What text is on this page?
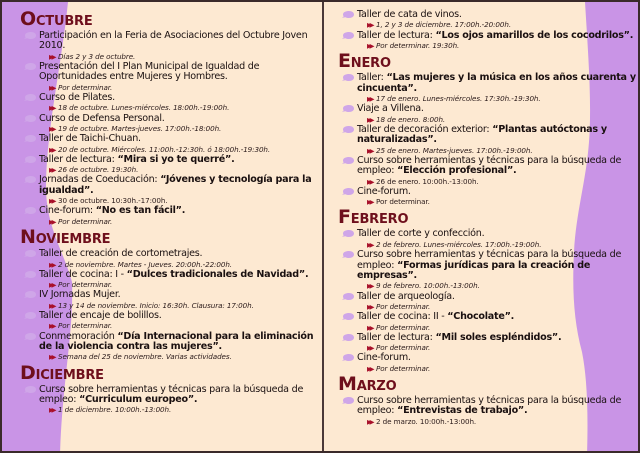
OCTUBRE
Participación en la Feria de Asociaciones del Octubre Joven 2010.
▶▶ Días 2 y 3 de octubre.
Presentación del I Plan Municipal de Igualdad de Oportunidades entre Mujeres y Hombres.
▶▶ Por determinar.
Curso de Pilates.
▶▶ 18 de octubre. Lunes-miércoles. 18:00h.-19:00h.
Curso de Defensa Personal.
▶▶ 19 de octubre. Martes-jueves. 17:00h.-18:00h.
Taller de Taichi-Chuan.
▶▶ 20 de octubre. Miércoles. 11:00h.-12:30h. ó 18:00h.-19:30h.
Taller de lectura: “Mira si yo te querré”.
▶▶ 26 de octubre. 19:30h.
Jornadas de Coeducación: “Jóvenes y tecnología para la igualdad”.
▶▶ 30 de octubre. 10:30h.-17:00h.
Cine-forum: “No es tan fácil”.
▶▶ Por determinar.
NOVIEMBRE
Taller de creación de cortometrajes.
▶▶ 2 de noviembre. Martes - Jueves. 20:00h.-22:00h.
Taller de cocina: I - “Dulces tradicionales de Navidad”.
▶▶ Por determinar.
IV Jornadas Mujer.
▶▶ 13 y 14 de noviembre. Inicio: 16:30h. Clausura: 17:00h.
Taller de encaje de bolillos.
▶▶ Por determinar.
Conmemoración “Día Internacional para la eliminación de la violencia contra las mujeres”.
▶▶ Semana del 25 de noviembre. Varias actividades.
DICIEMBRE
Curso sobre herramientas y técnicas para la búsqueda de empleo: “Curriculum europeo”.
▶▶ 1 de diciembre. 10:00h.-13:00h.
Taller de cata de vinos.
▶▶ 1, 2 y 3 de diciembre. 17:00h.-20:00h.
Taller de lectura: “Los ojos amarillos de los cocodrilos”.
▶▶ Por determinar. 19:30h.
ENERO
Taller: “Las mujeres y la música en los años cuarenta y cincuenta”.
▶▶ 17 de enero. Lunes-miércoles. 17:30h.-19:30h.
Viaje a Villena.
▶▶ 18 de enero. 8:00h.
Taller de decoración exterior: “Plantas autóctonas y naturalizadas”.
▶▶ 25 de enero. Martes-jueves. 17:00h.-19:00h.
Curso sobre herramientas y técnicas para la búsqueda de empleo: “Elección profesional”.
▶▶ 26 de enero. 10:00h.-13:00h.
Cine-forum.
▶▶ Por determinar.
FEBRERO
Taller de corte y confección.
▶▶ 2 de febrero. Lunes-miércoles. 17:00h.-19:00h.
Curso sobre herramientas y técnicas para la búsqueda de empleo: “Formas jurídicas para la creación de empresas”.
▶▶ 9 de febrero. 10:00h.-13:00h.
Taller de arqueología.
▶▶ Por determinar.
Taller de cocina: II - “Chocolate”.
▶▶ Por determinar.
Taller de lectura: “Mil soles espléndidos”.
▶▶ Por determinar.
Cine-forum.
▶▶ Por determinar.
MARZO
Curso sobre herramientas y técnicas para la búsqueda de empleo: “Entrevistas de trabajo”.
▶▶ 2 de marzo. 10:00h.-13:00h.
